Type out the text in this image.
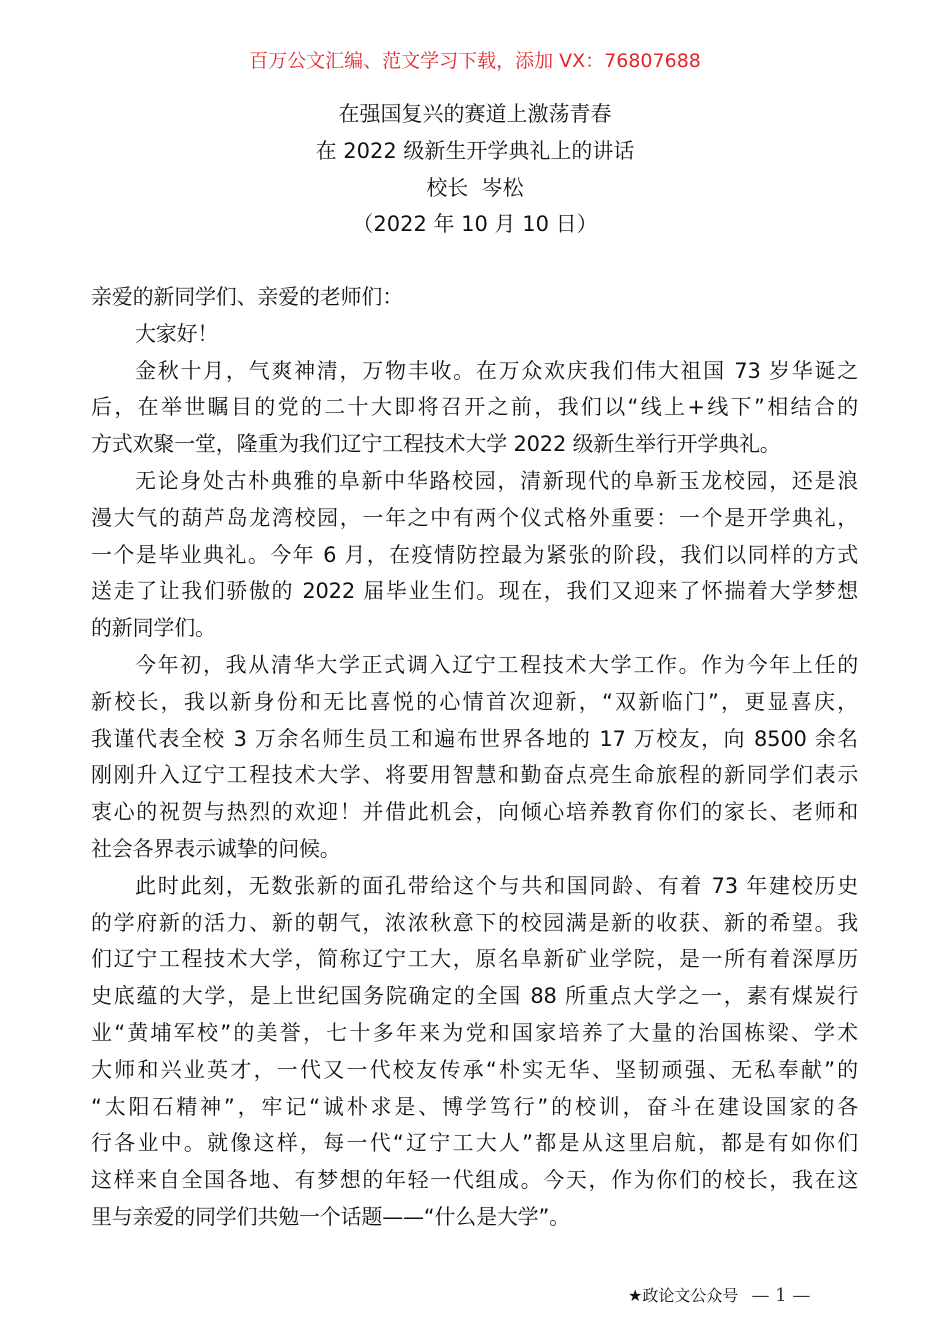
百万公文汇编、范文学习下载，添加 VX：76807688
在强国复兴的赛道上激荡青春
在 2022 级新生开学典礼上的讲话
校长  岑松
（2022 年 10 月 10 日）
亲爱的新同学们、亲爱的老师们：
大家好！
金秋十月，气爽神清，万物丰收。在万众欢庆我们伟大祖国 73 岁华诞之
后，在举世瞩目的党的二十大即将召开之前，我们以“线上+线下”相结合的
方式欢聚一堂，隆重为我们辽宁工程技术大学 2022 级新生举行开学典礼。
无论身处古朴典雅的阜新中华路校园，清新现代的阜新玉龙校园，还是浪
漫大气的葫芦岛龙湾校园，一年之中有两个仪式格外重要：一个是开学典礼，
一个是毕业典礼。今年 6 月，在疫情防控最为紧张的阶段，我们以同样的方式
送走了让我们骄傲的 2022 届毕业生们。现在，我们又迎来了怀揣着大学梦想
的新同学们。
今年初，我从清华大学正式调入辽宁工程技术大学工作。作为今年上任的
新校长，我以新身份和无比喜悦的心情首次迎新，“双新临门”，更显喜庆，
我谨代表全校 3 万余名师生员工和遍布世界各地的 17 万校友，向 8500 余名
刚刚升入辽宁工程技术大学、将要用智慧和勤奋点亮生命旅程的新同学们表示
衷心的祝贺与热烈的欢迎！并借此机会，向倾心培养教育你们的家长、老师和
社会各界表示诚挚的问候。
此时此刻，无数张新的面孔带给这个与共和国同龄、有着 73 年建校历史
的学府新的活力、新的朝气，浓浓秋意下的校园满是新的收获、新的希望。我
们辽宁工程技术大学，简称辽宁工大，原名阜新矿业学院，是一所有着深厚历
史底蕴的大学，是上世纪国务院确定的全国 88 所重点大学之一，素有煤炭行
业“黄埔军校”的美誉，七十多年来为党和国家培养了大量的治国栋梁、学术
大师和兴业英才，一代又一代校友传承“朴实无华、坚韧顽强、无私奉献”的
“太阳石精神”，牢记“诚朴求是、博学笃行”的校训，奋斗在建设国家的各
行各业中。就像这样，每一代“辽宁工大人”都是从这里启航，都是有如你们
这样来自全国各地、有梦想的年轻一代组成。今天，作为你们的校长，我在这
里与亲爱的同学们共勉一个话题——“什么是大学”。
★政论文公众号 — 1 —
